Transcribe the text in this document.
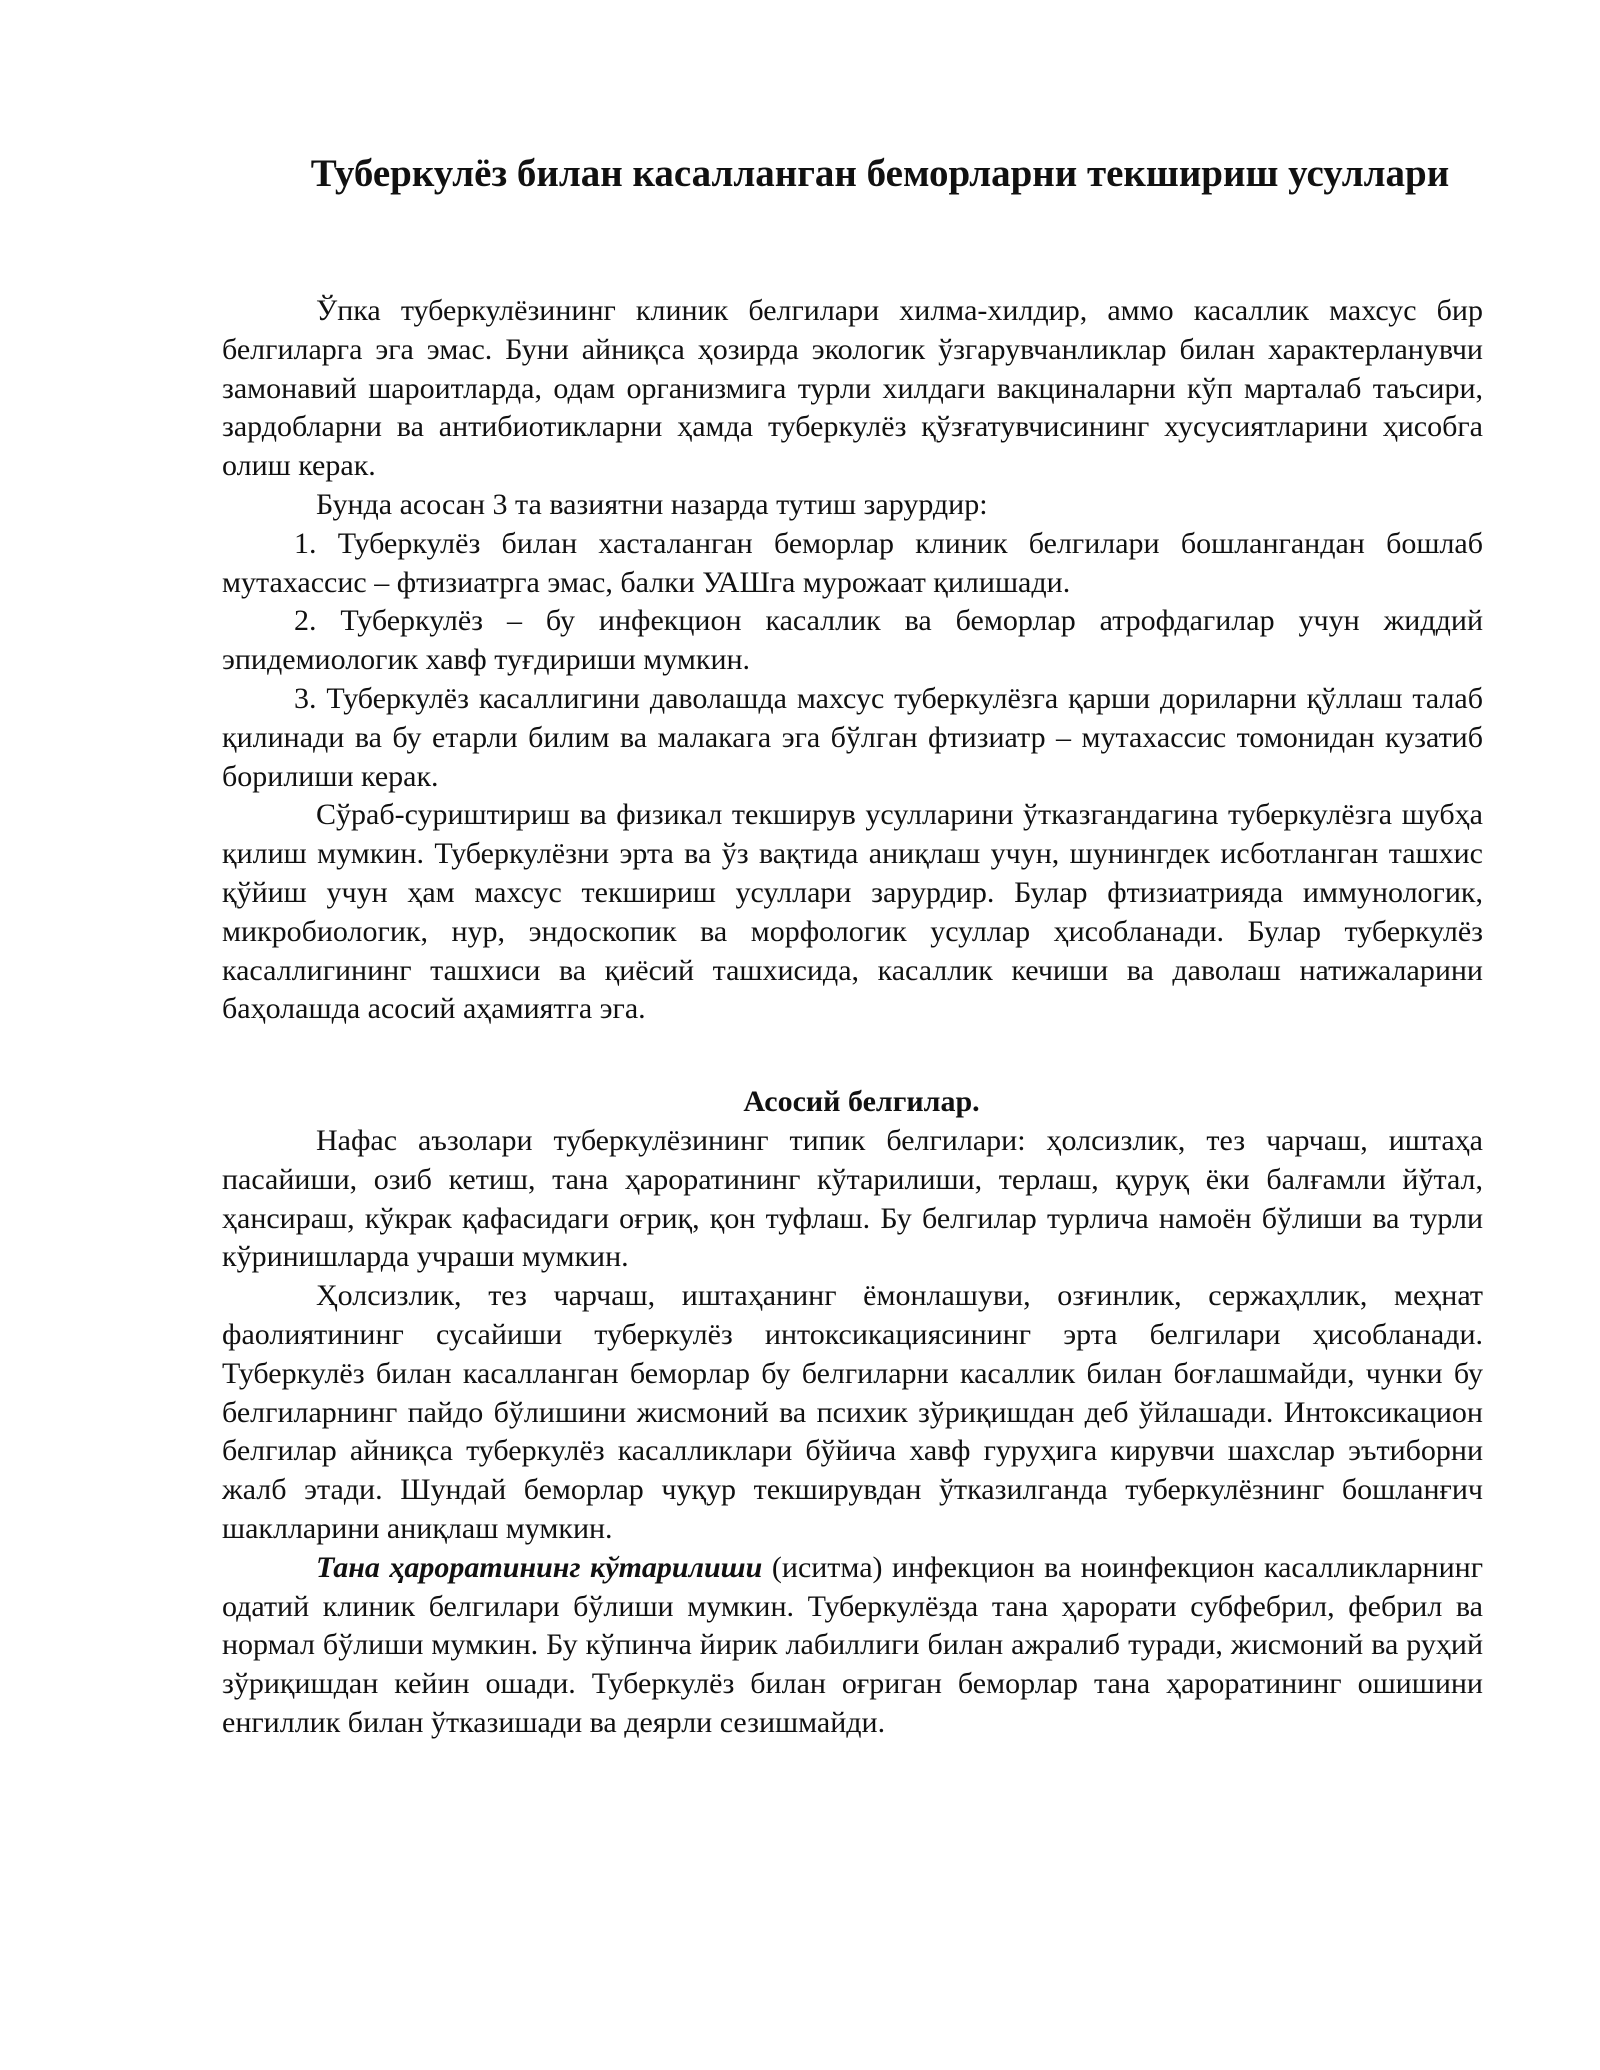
Туберкулёз билан касалланган беморларни текшириш усуллари

Ўпка туберкулёзининг клиник белгилари хилма-хилдир, аммо касаллик махсус бир белгиларга эга эмас. Буни айниқса ҳозирда экологик ўзгарувчанликлар билан характерланувчи замонавий шароитларда, одам организмига турли хилдаги вакциналарни кўп марталаб таъсири, зардобларни ва антибиотикларни ҳамда туберкулёз қўзғатувчисининг хусусиятларини ҳисобга олиш керак.

Бунда асосан 3 та вазиятни назарда тутиш зарурдир:

1. Туберкулёз билан хасталанган беморлар клиник белгилари бошлангандан бошлаб мутахассис – фтизиатрга эмас, балки УАШга мурожаат қилишади.

2. Туберкулёз – бу инфекцион касаллик ва беморлар атрофдагилар учун жиддий эпидемиологик хавф туғдириши мумкин.

3. Туберкулёз касаллигини даволашда махсус туберкулёзга қарши дориларни қўллаш талаб қилинади ва бу етарли билим ва малакага эга бўлган фтизиатр – мутахассис томонидан кузатиб борилиши керак.

Сўраб-суриштириш ва физикал текширув усулларини ўтказгандагина туберкулёзга шубҳа қилиш мумкин. Туберкулёзни эрта ва ўз вақтида аниқлаш учун, шунингдек исботланган ташхис қўйиш учун ҳам махсус текшириш усуллари зарурдир. Булар фтизиатрияда иммунологик, микробиологик, нур, эндоскопик ва морфологик усуллар ҳисобланади. Булар туберкулёз касаллигининг ташхиси ва қиёсий ташхисида, касаллик кечиши ва даволаш натижаларини баҳолашда асосий аҳамиятга эга.

Асосий белгилар.

Нафас аъзолари туберкулёзининг типик белгилари: ҳолсизлик, тез чарчаш, иштаҳа пасайиши, озиб кетиш, тана ҳароратининг кўтарилиши, терлаш, қуруқ ёки балғамли йўтал, ҳансираш, кўкрак қафасидаги оғриқ, қон туфлаш. Бу белгилар турлича намоён бўлиши ва турли кўринишларда учраши мумкин.

Ҳолсизлик, тез чарчаш, иштаҳанинг ёмонлашуви, озғинлик, сержаҳллик, меҳнат фаолиятининг сусайиши туберкулёз интоксикациясининг эрта белгилари ҳисобланади. Туберкулёз билан касалланган беморлар бу белгиларни касаллик билан боғлашмайди, чунки бу белгиларнинг пайдо бўлишини жисмоний ва психик зўриқишдан деб ўйлашади. Интоксикацион белгилар айниқса туберкулёз касалликлари бўйича хавф гуруҳига кирувчи шахслар эътиборни жалб этади. Шундай беморлар чуқур текширувдан ўтказилганда туберкулёзнинг бошланғич шаклларини аниқлаш мумкин.

Тана ҳароратининг кўтарилиши (иситма) инфекцион ва ноинфекцион касалликларнинг одатий клиник белгилари бўлиши мумкин. Туберкулёзда тана ҳарорати субфебрил, фебрил ва нормал бўлиши мумкин. Бу кўпинча йирик лабиллиги билан ажралиб туради, жисмоний ва руҳий зўриқишдан кейин ошади. Туберкулёз билан оғриган беморлар тана ҳароратининг ошишини енгиллик билан ўтказишади ва деярли сезишмайди.
